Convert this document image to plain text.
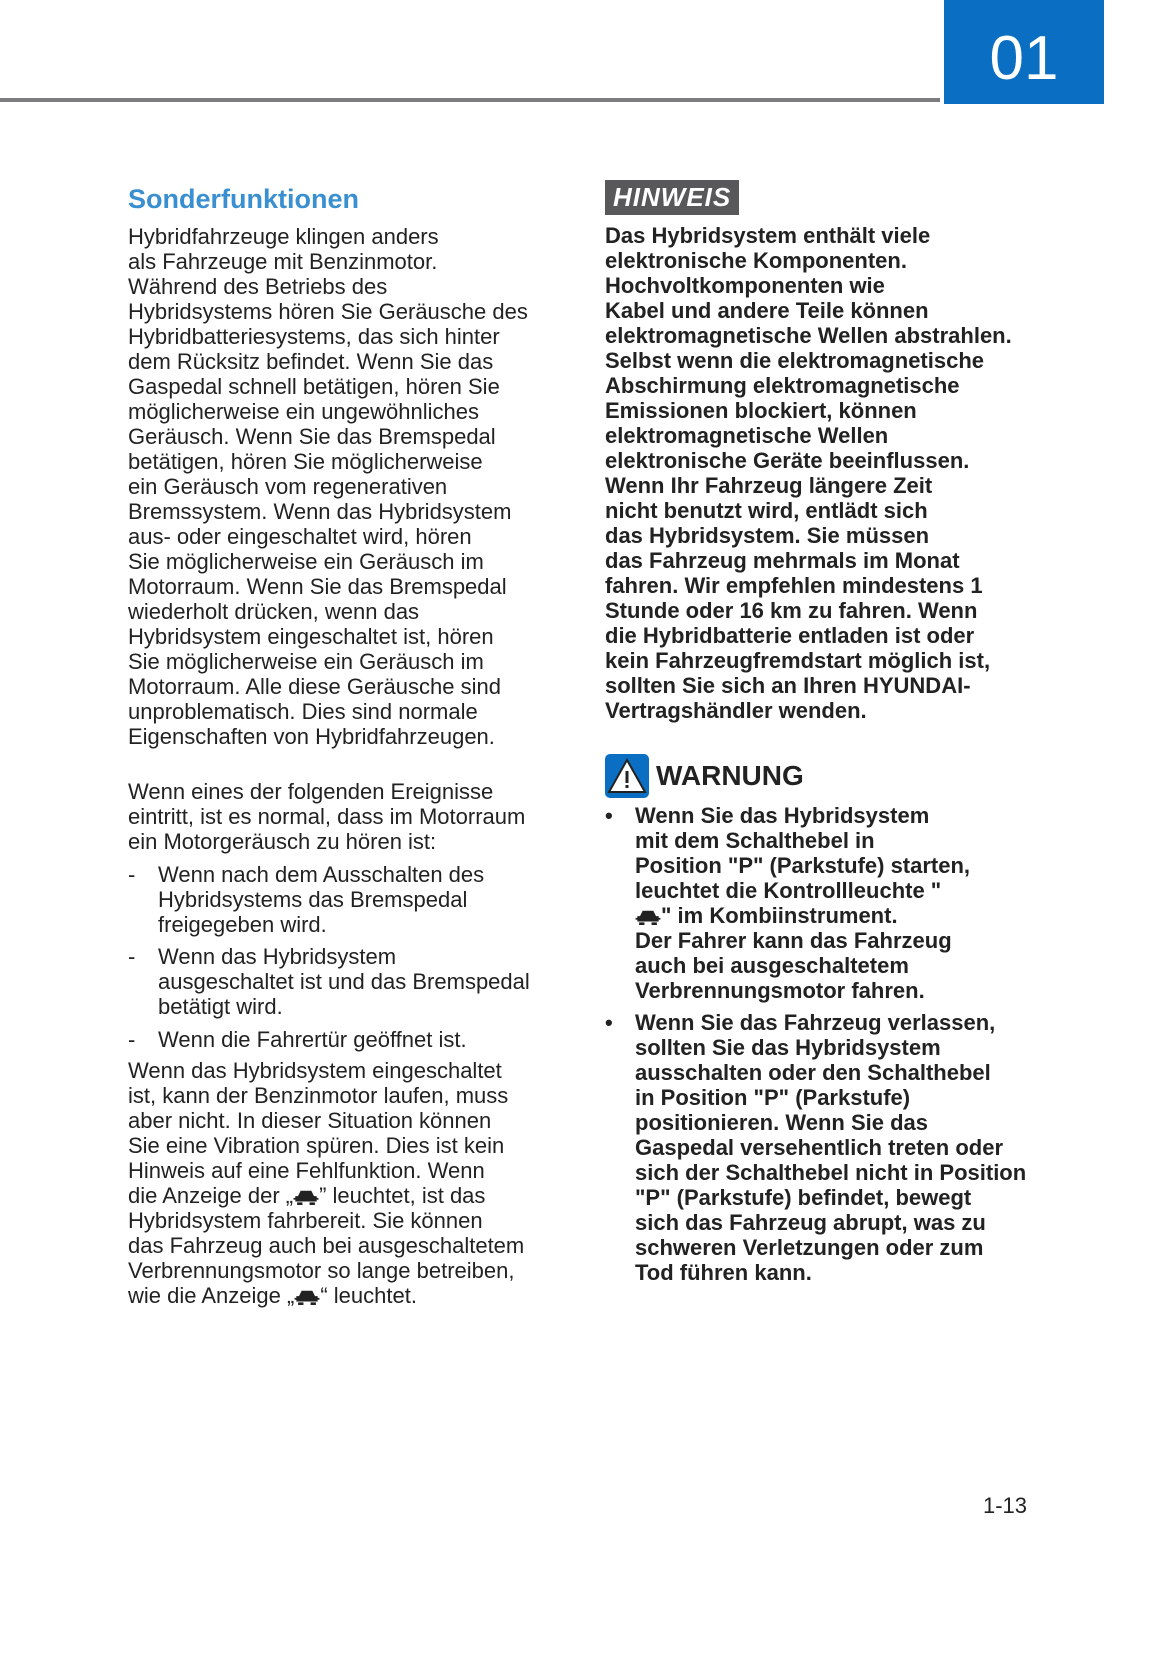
01
Sonderfunktionen
Hybridfahrzeuge klingen anders
als Fahrzeuge mit Benzinmotor.
Während des Betriebs des
Hybridsystems hören Sie Geräusche des
Hybridbatteriesystems, das sich hinter
dem Rücksitz befindet. Wenn Sie das
Gaspedal schnell betätigen, hören Sie
möglicherweise ein ungewöhnliches
Geräusch. Wenn Sie das Bremspedal
betätigen, hören Sie möglicherweise
ein Geräusch vom regenerativen
Bremssystem. Wenn das Hybridsystem
aus- oder eingeschaltet wird, hören
Sie möglicherweise ein Geräusch im
Motorraum. Wenn Sie das Bremspedal
wiederholt drücken, wenn das
Hybridsystem eingeschaltet ist, hören
Sie möglicherweise ein Geräusch im
Motorraum. Alle diese Geräusche sind
unproblematisch. Dies sind normale
Eigenschaften von Hybridfahrzeugen.
Wenn eines der folgenden Ereignisse
eintritt, ist es normal, dass im Motorraum
ein Motorgeräusch zu hören ist:
- Wenn nach dem Ausschalten des
Hybridsystems das Bremspedal
freigegeben wird.
- Wenn das Hybridsystem
ausgeschaltet ist und das Bremspedal
betätigt wird.
- Wenn die Fahrertür geöffnet ist.
Wenn das Hybridsystem eingeschaltet
ist, kann der Benzinmotor laufen, muss
aber nicht. In dieser Situation können
Sie eine Vibration spüren. Dies ist kein
Hinweis auf eine Fehlfunktion. Wenn
die Anzeige der „ ” leuchtet, ist das
Hybridsystem fahrbereit. Sie können
das Fahrzeug auch bei ausgeschaltetem
Verbrennungsmotor so lange betreiben,
wie die Anzeige „ “ leuchtet.
HINWEIS
Das Hybridsystem enthält viele
elektronische Komponenten.
Hochvoltkomponenten wie
Kabel und andere Teile können
elektromagnetische Wellen abstrahlen.
Selbst wenn die elektromagnetische
Abschirmung elektromagnetische
Emissionen blockiert, können
elektromagnetische Wellen
elektronische Geräte beeinflussen.
Wenn Ihr Fahrzeug längere Zeit
nicht benutzt wird, entlädt sich
das Hybridsystem. Sie müssen
das Fahrzeug mehrmals im Monat
fahren. Wir empfehlen mindestens 1
Stunde oder 16 km zu fahren. Wenn
die Hybridbatterie entladen ist oder
kein Fahrzeugfremdstart möglich ist,
sollten Sie sich an Ihren HYUNDAI-
Vertragshändler wenden.
WARNUNG
• Wenn Sie das Hybridsystem
mit dem Schalthebel in
Position "P" (Parkstufe) starten,
leuchtet die Kontrollleuchte "
" im Kombiinstrument.
Der Fahrer kann das Fahrzeug
auch bei ausgeschaltetem
Verbrennungsmotor fahren.
• Wenn Sie das Fahrzeug verlassen,
sollten Sie das Hybridsystem
ausschalten oder den Schalthebel
in Position "P" (Parkstufe)
positionieren. Wenn Sie das
Gaspedal versehentlich treten oder
sich der Schalthebel nicht in Position
"P" (Parkstufe) befindet, bewegt
sich das Fahrzeug abrupt, was zu
schweren Verletzungen oder zum
Tod führen kann.
1-13
